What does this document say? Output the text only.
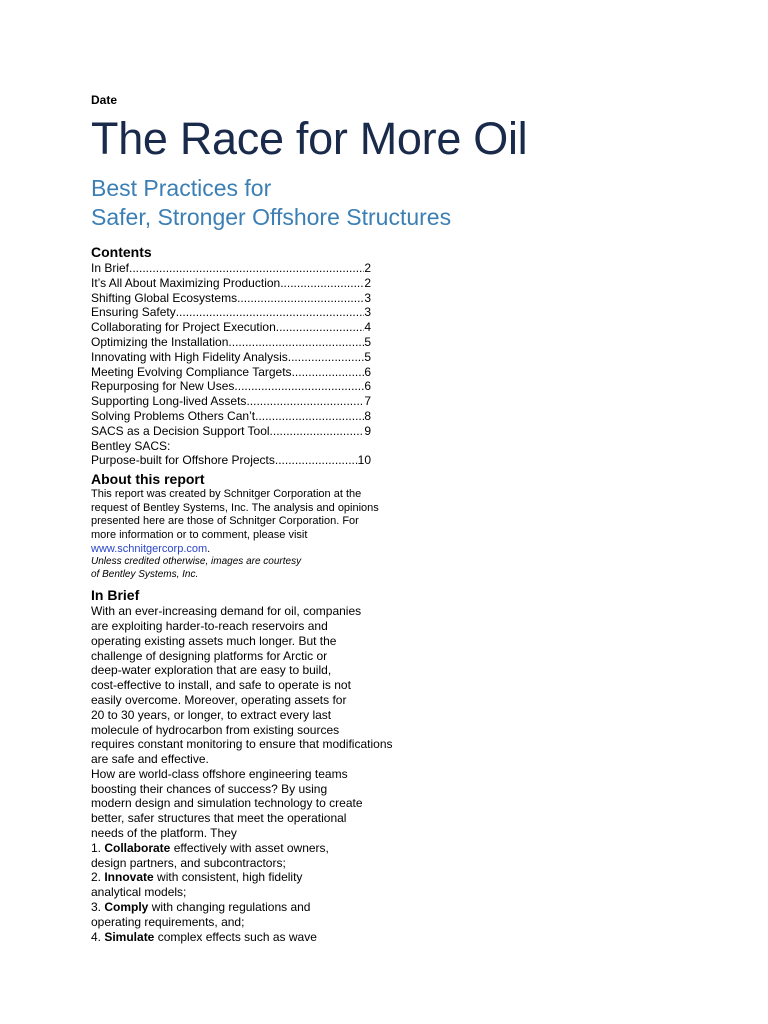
Date

The Race for More Oil
Best Practices for
Safer, Stronger Offshore Structures
Contents
In Brief .....	2
It’s All About Maximizing Production .....	2
Shifting Global Ecosystems .....	3
Ensuring Safety .....	3
Collaborating for Project Execution .....	4
Optimizing the Installation .....	5
Innovating with High Fidelity Analysis .....	5
Meeting Evolving Compliance Targets .....	6
Repurposing for New Uses .....	6
Supporting Long-lived Assets .....	7
Solving Problems Others Can’t .....	8
SACS as a Decision Support Tool .....	9
Bentley SACS:
Purpose-built for Offshore Projects .....	10
About this report

This report was created by Schnitger Corporation at the request of Bentley Systems, Inc. The analysis and opinions presented here are those of Schnitger Corporation. For more information or to comment, please visit www.schnitgercorp.com.

Unless credited otherwise, images are courtesy of Bentley Systems, Inc.

In Brief
With an ever-increasing demand for oil, companies
are exploiting harder-to-reach reservoirs and
operating existing assets much longer. But the
challenge of designing platforms for Arctic or
deep-water exploration that are easy to build,
cost-effective to install, and safe to operate is not
easily overcome. Moreover, operating assets for
20 to 30 years, or longer, to extract every last
molecule of hydrocarbon from existing sources
requires constant monitoring to ensure that modifications
are safe and effective.
How are world-class offshore engineering teams
boosting their chances of success? By using
modern design and simulation technology to create
better, safer structures that meet the operational
needs of the platform. They
1. Collaborate effectively with asset owners,
design partners, and subcontractors;
2. Innovate with consistent, high fidelity
analytical models;
3. Comply with changing regulations and
operating requirements, and;
4. Simulate complex effects such as wave
